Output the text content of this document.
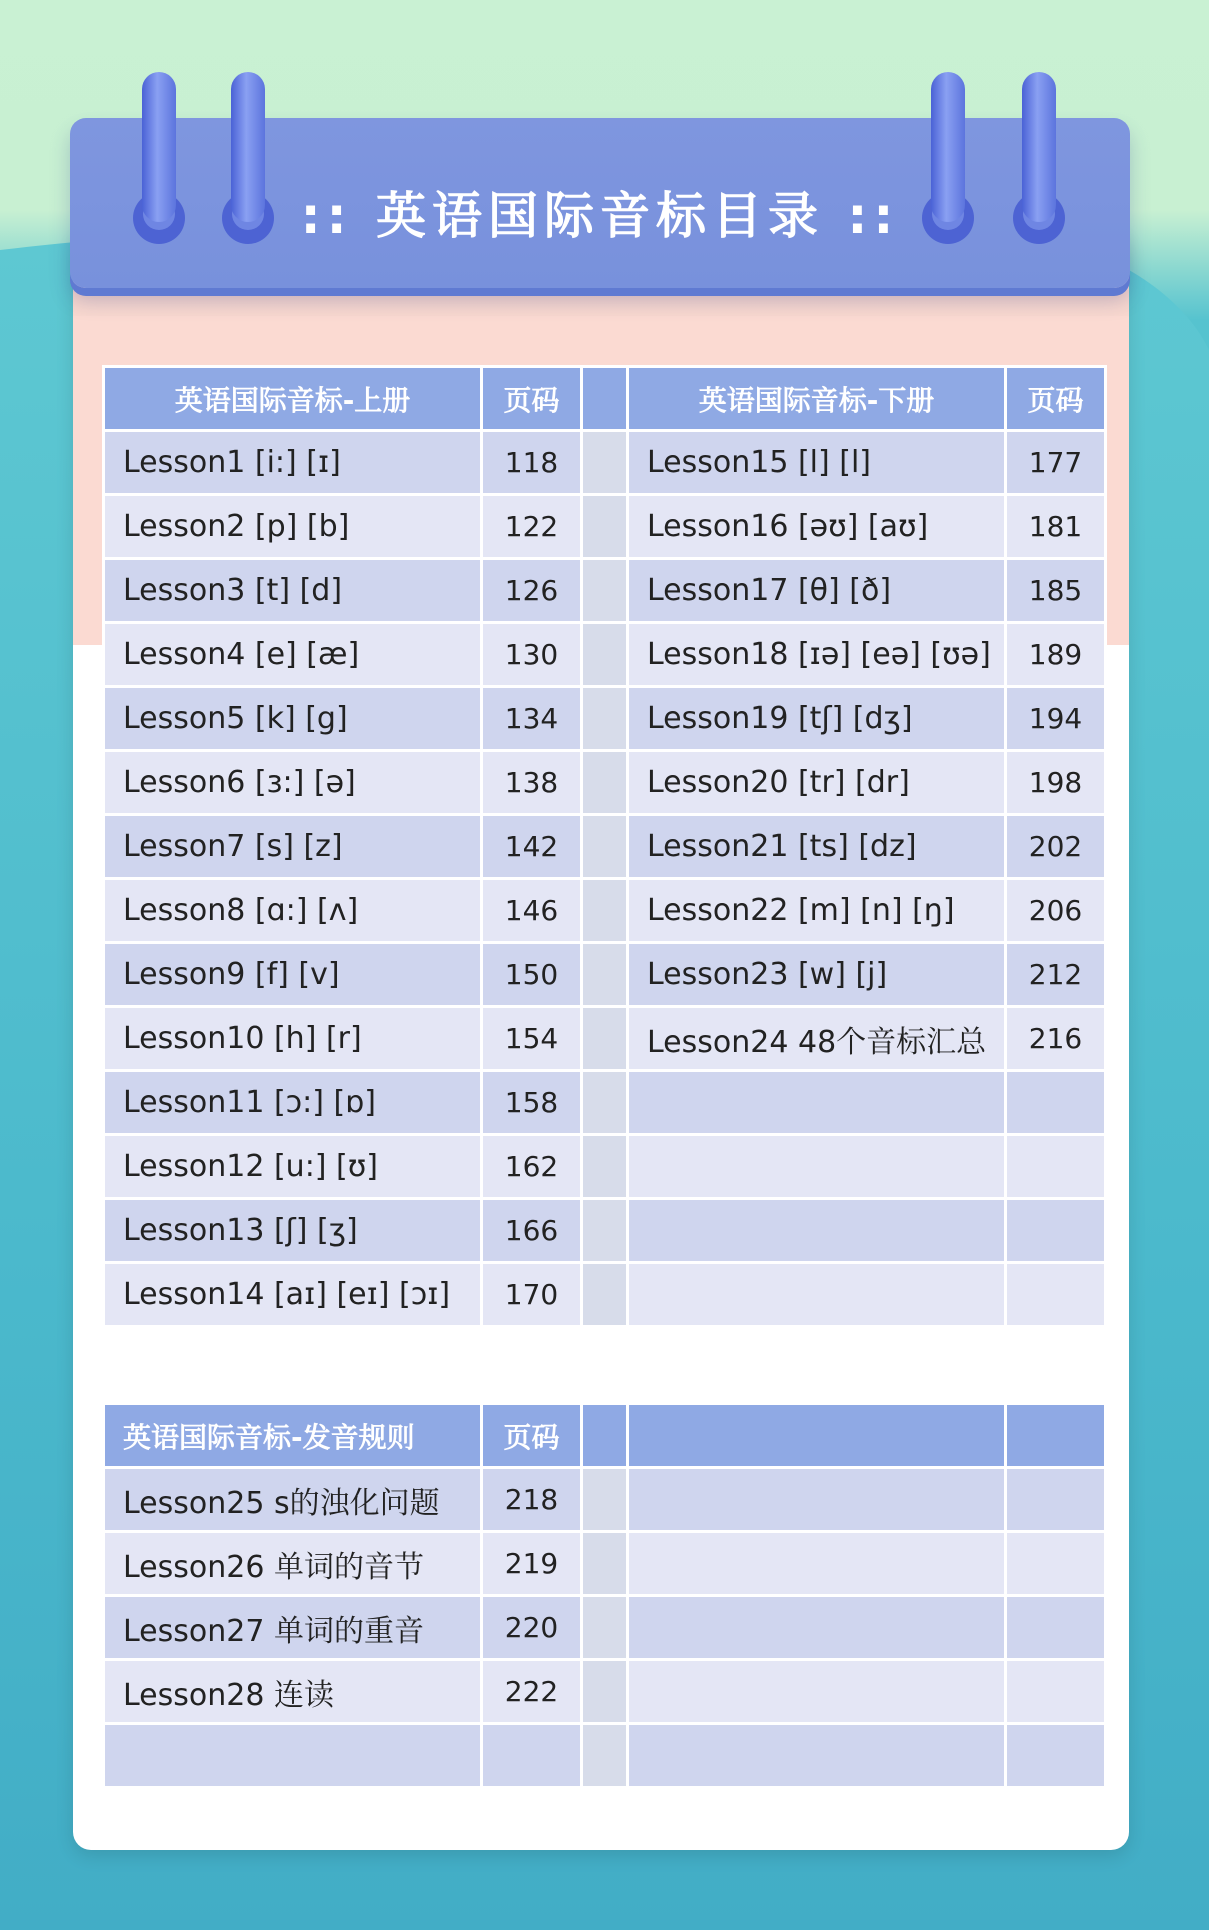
:: 英语国际音标目录 ::
英语国际音标-上册	页码		英语国际音标-下册	页码
Lesson1 [i:] [ɪ]	118		Lesson15 [l] [l]	177
Lesson2 [p] [b]	122		Lesson16 [əʊ] [aʊ]	181
Lesson3 [t] [d]	126		Lesson17 [θ] [ð]	185
Lesson4 [e] [æ]	130		Lesson18 [ɪə] [eə] [ʊə]	189
Lesson5 [k] [g]	134		Lesson19 [tʃ] [dʒ]	194
Lesson6 [ɜ:] [ə]	138		Lesson20 [tr] [dr]	198
Lesson7 [s] [z]	142		Lesson21 [ts] [dz]	202
Lesson8 [ɑ:] [ʌ]	146		Lesson22 [m] [n] [ŋ]	206
Lesson9 [f] [v]	150		Lesson23 [w] [j]	212
Lesson10 [h] [r]	154		Lesson24 48个音标汇总	216
Lesson11 [ɔ:] [ɒ]	158			
Lesson12 [u:] [ʊ]	162			
Lesson13 [ʃ] [ʒ]	166			
Lesson14 [aɪ] [eɪ] [ɔɪ]	170			
英语国际音标-发音规则	页码			
Lesson25 s的浊化问题	218			
Lesson26 单词的音节	219			
Lesson27 单词的重音	220			
Lesson28 连读	222			
